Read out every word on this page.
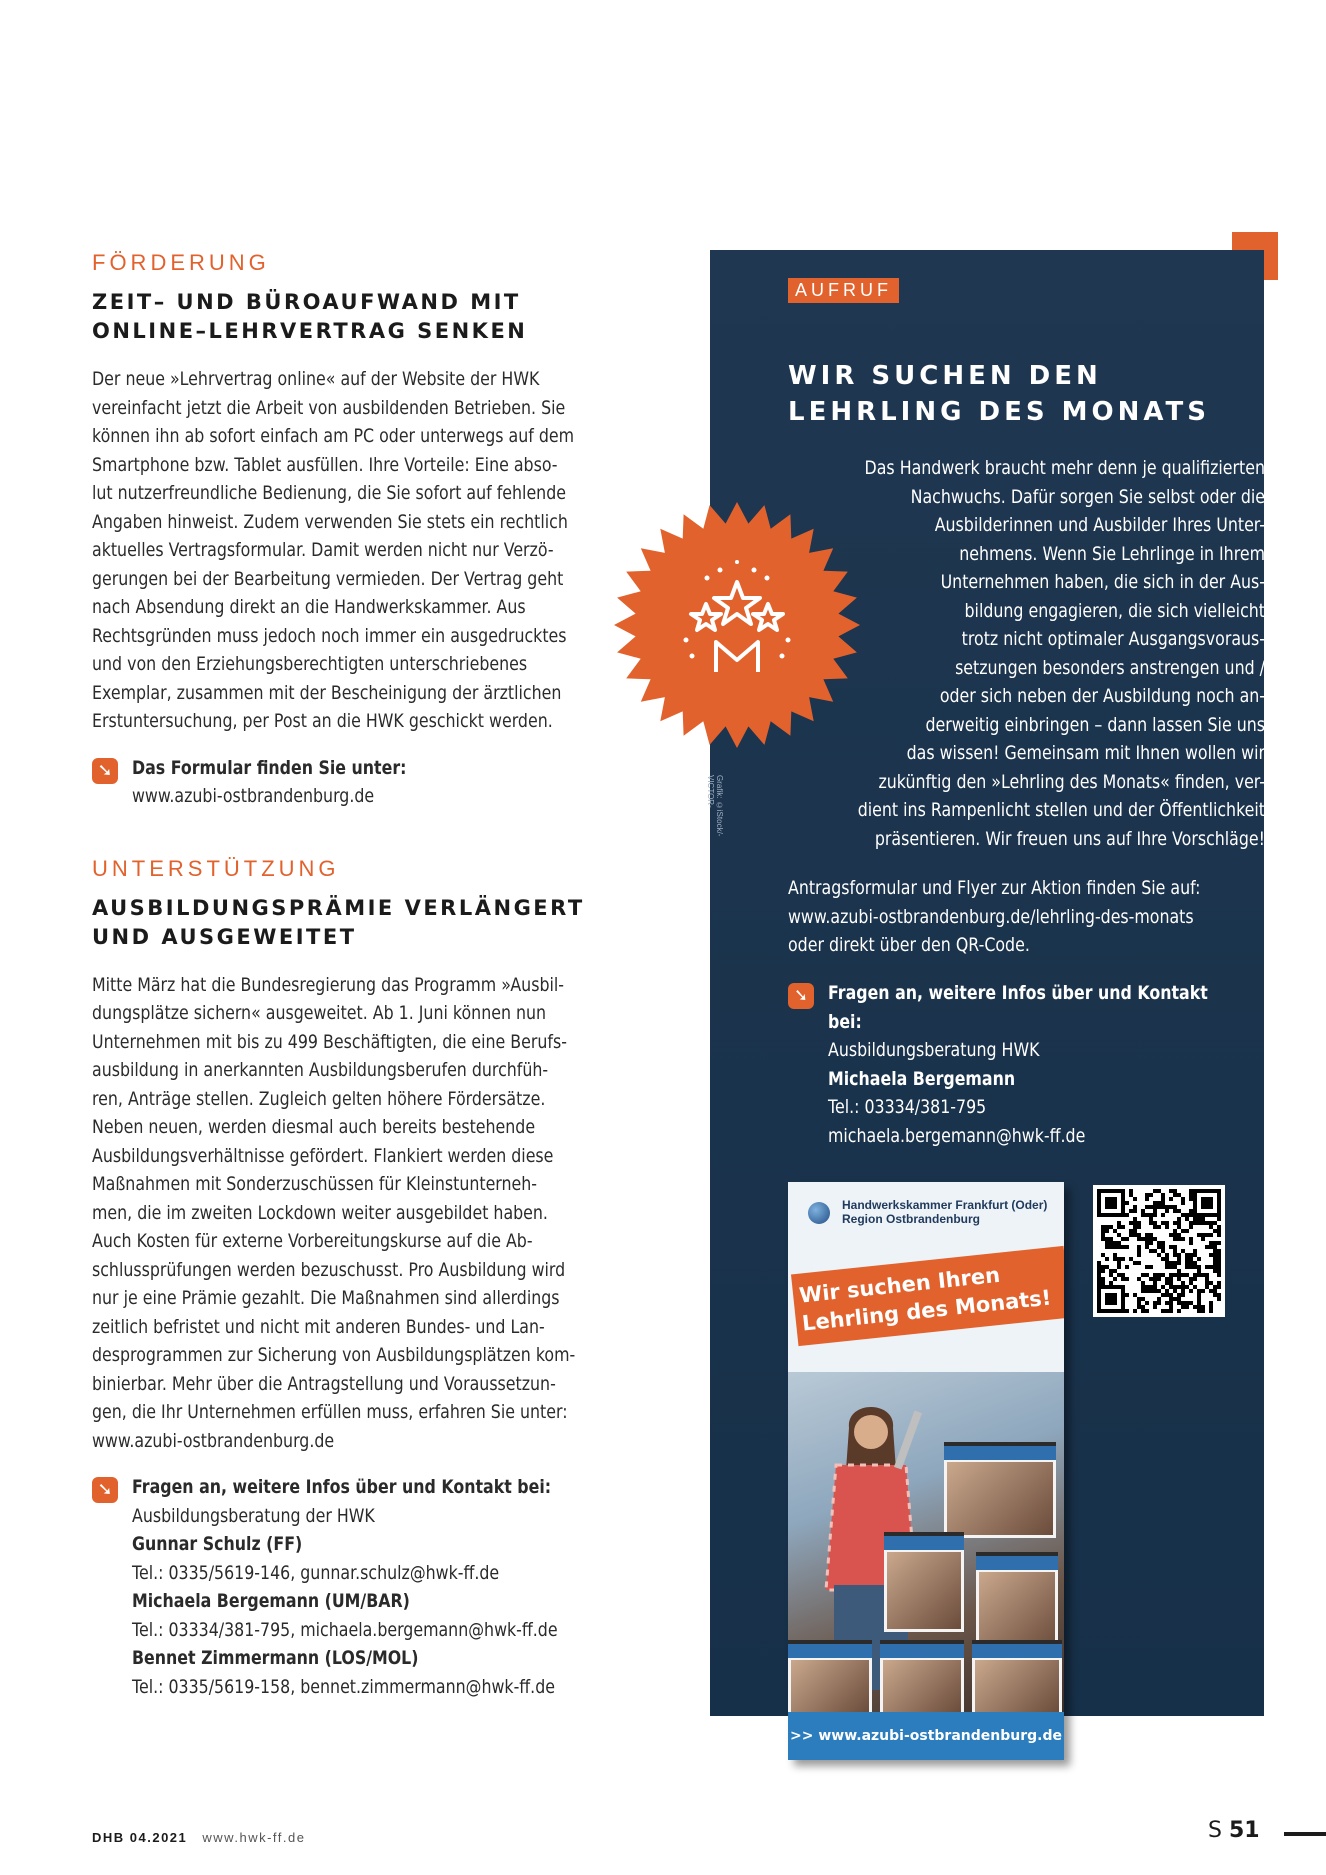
FÖRDERUNG
ZEIT– UND BÜROAUFWAND MIT
ONLINE–LEHRVERTRAG SENKEN

Der neue »Lehrvertrag online« auf der Website der HWK
vereinfacht jetzt die Arbeit von ausbildenden Betrieben. Sie
können ihn ab sofort einfach am PC oder unterwegs auf dem
Smartphone bzw. Tablet ausfüllen. Ihre Vorteile: Eine abso-
lut nutzerfreundliche Bedienung, die Sie sofort auf fehlende
Angaben hinweist. Zudem verwenden Sie stets ein rechtlich
aktuelles Vertragsformular. Damit werden nicht nur Verzö-
gerungen bei der Bearbeitung vermieden. Der Vertrag geht
nach Absendung direkt an die Handwerkskammer. Aus
Rechtsgründen muss jedoch noch immer ein ausgedrucktes
und von den Erziehungsberechtigten unterschriebenes
Exemplar, zusammen mit der Bescheinigung der ärztlichen
Erstuntersuchung, per Post an die HWK geschickt werden.

➘ Das Formular finden Sie unter:
www.azubi-ostbrandenburg.de
UNTERSTÜTZUNG
AUSBILDUNGSPRÄMIE VERLÄNGERT
UND AUSGEWEITET

Mitte März hat die Bundesregierung das Programm »Ausbil-
dungsplätze sichern« ausgeweitet. Ab 1. Juni können nun
Unternehmen mit bis zu 499 Beschäftigten, die eine Berufs-
ausbildung in anerkannten Ausbildungsberufen durchfüh-
ren, Anträge stellen. Zugleich gelten höhere Fördersätze.
Neben neuen, werden diesmal auch bereits bestehende
Ausbildungsverhältnisse gefördert. Flankiert werden diese
Maßnahmen mit Sonderzuschüssen für Kleinstunterneh-
men, die im zweiten Lockdown weiter ausgebildet haben.
Auch Kosten für externe Vorbereitungskurse auf die Ab-
schlussprüfungen werden bezuschusst. Pro Ausbildung wird
nur je eine Prämie gezahlt. Die Maßnahmen sind allerdings
zeitlich befristet und nicht mit anderen Bundes- und Lan-
desprogrammen zur Sicherung von Ausbildungsplätzen kom-
binierbar. Mehr über die Antragstellung und Voraussetzun-
gen, die Ihr Unternehmen erfüllen muss, erfahren Sie unter:
www.azubi-ostbrandenburg.de

➘ Fragen an, weitere Infos über und Kontakt bei:
Ausbildungsberatung der HWK
Gunnar Schulz (FF)
Tel.: 0335/5619-146, gunnar.schulz@hwk-ff.de
Michaela Bergemann (UM/BAR)
Tel.: 03334/381-795, michaela.bergemann@hwk-ff.de
Bennet Zimmermann (LOS/MOL)
Tel.: 0335/5619-158, bennet.zimmermann@hwk-ff.de
AUFRUF
WIR SUCHEN DEN
LEHRLING DES MONATS
Das Handwerk braucht mehr denn je qualifizierten
Nachwuchs. Dafür sorgen Sie selbst oder die
Ausbilderinnen und Ausbilder Ihres Unter-
nehmens. Wenn Sie Lehrlinge in Ihrem
Unternehmen haben, die sich in der Aus-
bildung engagieren, die sich vielleicht
trotz nicht optimaler Ausgangsvoraus-
setzungen besonders anstrengen und /
oder sich neben der Ausbildung noch an-
derweitig einbringen – dann lassen Sie uns
das wissen! Gemeinsam mit Ihnen wollen wir
zukünftig den »Lehrling des Monats« finden, ver-
dient ins Rampenlicht stellen und der Öffentlichkeit
präsentieren. Wir freuen uns auf Ihre Vorschläge!
Antragsformular und Flyer zur Aktion finden Sie auf:
www.azubi-ostbrandenburg.de/lehrling-des-monats
oder direkt über den QR-Code.
➘	Fragen an, weitere Infos über und Kontakt bei:
Ausbildungsberatung HWK
Michaela Bergemann
Tel.: 03334/381-795
michaela.bergemann@hwk-ff.de
Grafik: ©iStock/-VICTOR-
Handwerkskammer Frankfurt (Oder)
Region Ostbrandenburg
Wir suchen Ihren
Lehrling des Monats!
>> www.azubi-ostbrandenburg.de
DHB 04.2021 www.hwk-ff.de	S 51
